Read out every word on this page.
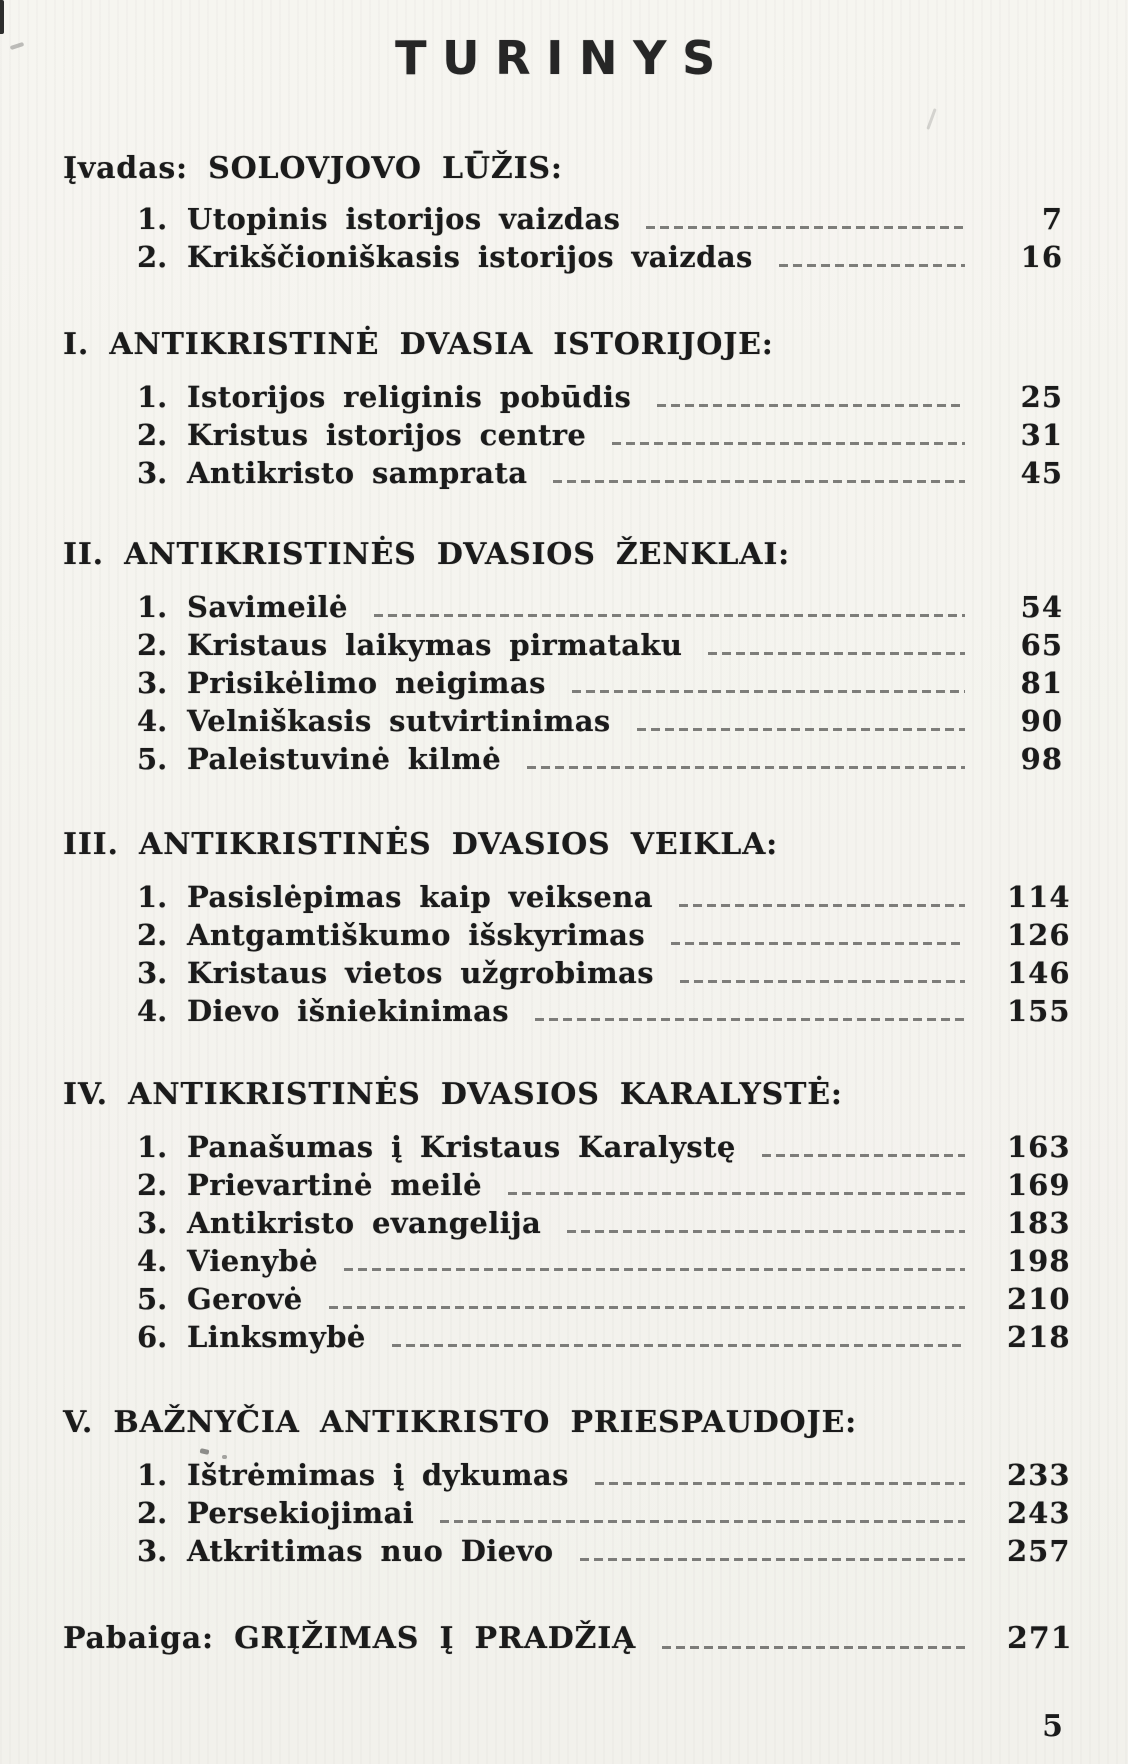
TURINYS
Įvadas: SOLOVJOVO LŪŽIS:
1. Utopinis istorijos vaizdas	7
2. Krikščioniškasis istorijos vaizdas	16
I. ANTIKRISTINĖ DVASIA ISTORIJOJE:
1. Istorijos religinis pobūdis	25
2. Kristus istorijos centre	31
3. Antikristo samprata	45
II. ANTIKRISTINĖS DVASIOS ŽENKLAI:
1. Savimeilė	54
2. Kristaus laikymas pirmataku	65
3. Prisikėlimo neigimas	81
4. Velniškasis sutvirtinimas	90
5. Paleistuvinė kilmė	98
III. ANTIKRISTINĖS DVASIOS VEIKLA:
1. Pasislėpimas kaip veiksena	114
2. Antgamtiškumo išskyrimas	126
3. Kristaus vietos užgrobimas	146
4. Dievo išniekinimas	155
IV. ANTIKRISTINĖS DVASIOS KARALYSTĖ:
1. Panašumas į Kristaus Karalystę	163
2. Prievartinė meilė	169
3. Antikristo evangelija	183
4. Vienybė	198
5. Gerovė	210
6. Linksmybė	218
V. BAŽNYČIA ANTIKRISTO PRIESPAUDOJE:
1. Ištrėmimas į dykumas	233
2. Persekiojimai	243
3. Atkritimas nuo Dievo	257
Pabaiga: GRĮŽIMAS Į PRADŽIĄ	271
5
